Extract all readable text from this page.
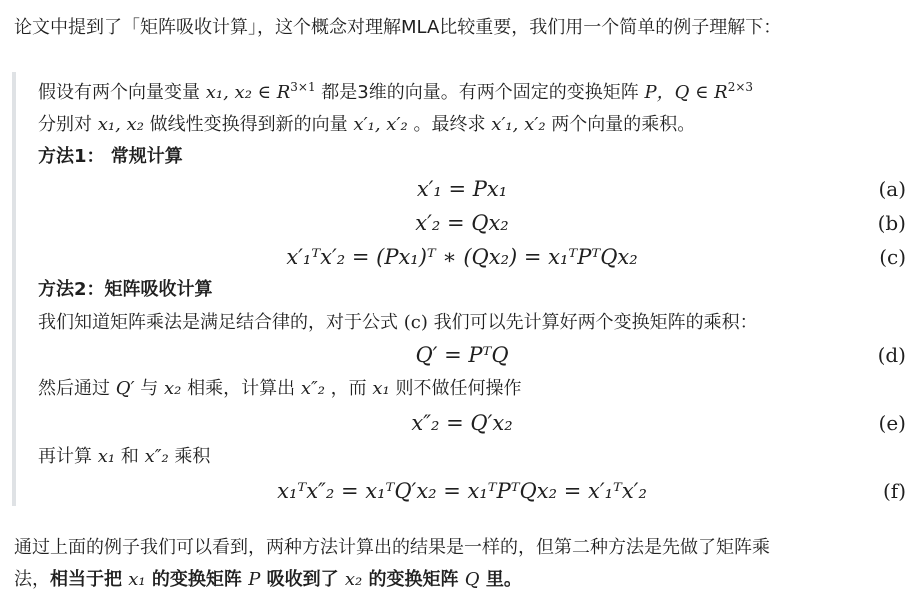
论文中提到了「矩阵吸收计算」，这个概念对理解MLA比较重要，我们用一个简单的例子理解下：
假设有两个向量变量 x₁, x₂ ∈ $R^{3\times 1}$ 都是3维的向量。有两个固定的变换矩阵 P，Q ∈ $R^{2\times 3}$
分别对 x₁, x₂ 做线性变换得到新的向量 x′₁, x′₂ 。最终求 x′₁, x′₂ 两个向量的乘积。
方法1： 常规计算
x′₁ = Px₁	(a)
x′₂ = Qx₂	(b)
x′₁ᵀx′₂ = (Px₁)ᵀ ∗ (Qx₂) = x₁ᵀPᵀQx₂	(c)
方法2：矩阵吸收计算
我们知道矩阵乘法是满足结合律的，对于公式 (c) 我们可以先计算好两个变换矩阵的乘积：
Q′ = PᵀQ	(d)
然后通过 Q′ 与 x₂ 相乘，计算出 x″₂ ，而 x₁ 则不做任何操作
x″₂ = Q′x₂	(e)
再计算 x₁ 和 x″₂ 乘积
x₁ᵀx″₂ = x₁ᵀQ′x₂ = x₁ᵀPᵀQx₂ = x′₁ᵀx′₂	(f)
通过上面的例子我们可以看到，两种方法计算出的结果是一样的，但第二种方法是先做了矩阵乘
法，相当于把 x₁ 的变换矩阵 P 吸收到了 x₂ 的变换矩阵 Q 里。
